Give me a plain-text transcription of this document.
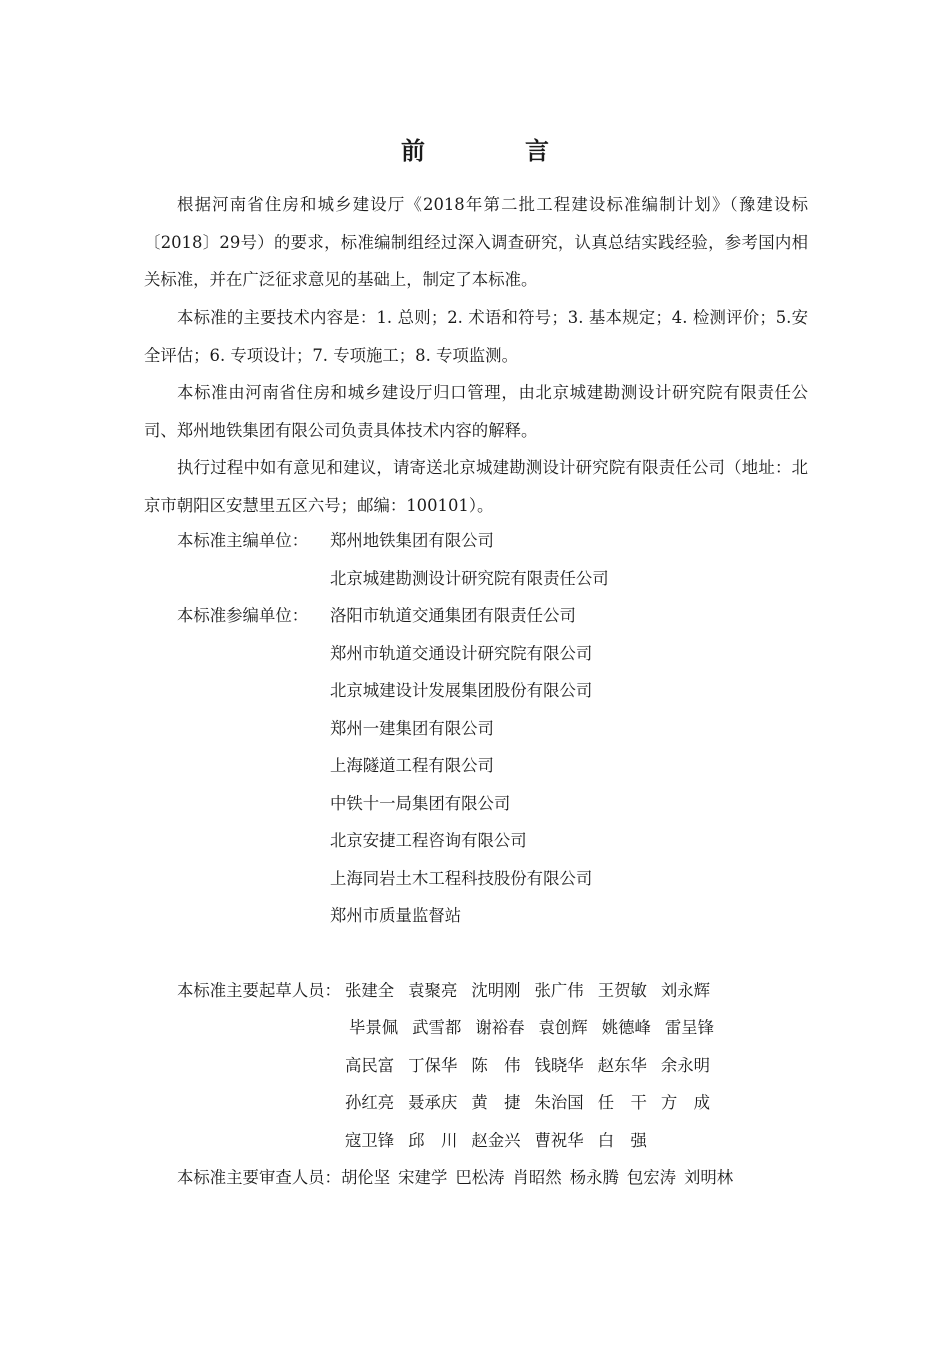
前　言

根据河南省住房和城乡建设厅《2018年第二批工程建设标准编制计划》（豫建设标〔2018〕29号）的要求，标准编制组经过深入调查研究，认真总结实践经验，参考国内相关标准，并在广泛征求意见的基础上，制定了本标准。

本标准的主要技术内容是：1. 总则；2. 术语和符号；3. 基本规定；4. 检测评价；5.安全评估；6. 专项设计；7. 专项施工；8. 专项监测。

本标准由河南省住房和城乡建设厅归口管理，由北京城建勘测设计研究院有限责任公司、郑州地铁集团有限公司负责具体技术内容的解释。

执行过程中如有意见和建议，请寄送北京城建勘测设计研究院有限责任公司（地址：北京市朝阳区安慧里五区六号；邮编：100101）。

本标准主编单位： 郑州地铁集团有限公司
北京城建勘测设计研究院有限责任公司
本标准参编单位： 洛阳市轨道交通集团有限责任公司
郑州市轨道交通设计研究院有限公司
北京城建设计发展集团股份有限公司
郑州一建集团有限公司
上海隧道工程有限公司
中铁十一局集团有限公司
北京安捷工程咨询有限公司
上海同岩土木工程科技股份有限公司
郑州市质量监督站
本标准主要起草人员： 张建全 袁聚亮 沈明刚 张广伟 王贺敏 刘永辉
毕景佩 武雪都 谢裕春 袁创辉 姚德峰 雷呈锋
高民富 丁保华 陈　伟 钱晓华 赵东华 余永明
孙红亮 聂承庆 黄　捷 朱治国 任　干 方　成
寇卫锋 邱　川 赵金兴 曹祝华 白　强
本标准主要审查人员： 胡伦坚 宋建学 巴松涛 肖昭然 杨永腾 包宏涛 刘明林
